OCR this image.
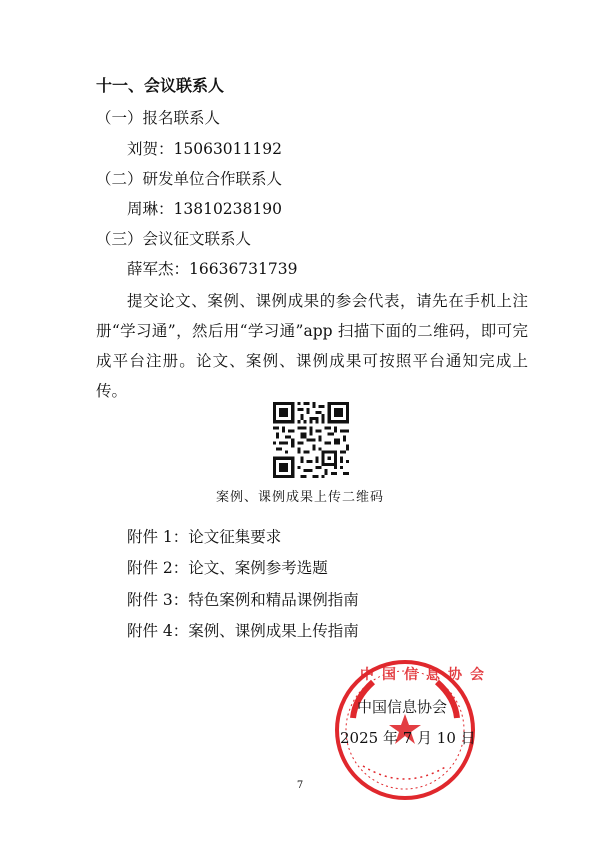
十一、会议联系人
（一）报名联系人
刘贺：15063011192
（二）研发单位合作联系人
周琳：13810238190
（三）会议征文联系人
薛军杰：16636731739
提交论文、案例、课例成果的参会代表，请先在手机上注册“学习通”，然后用“学习通”app 扫描下面的二维码，即可完成平台注册。论文、案例、课例成果可按照平台通知完成上传。
案例、课例成果上传二维码
附件 1：论文征集要求
附件 2：论文、案例参考选题
附件 3：特色案例和精品课例指南
附件 4：案例、课例成果上传指南
中国信息协会
中国信息协会
2025 年 7 月 10 日
7
